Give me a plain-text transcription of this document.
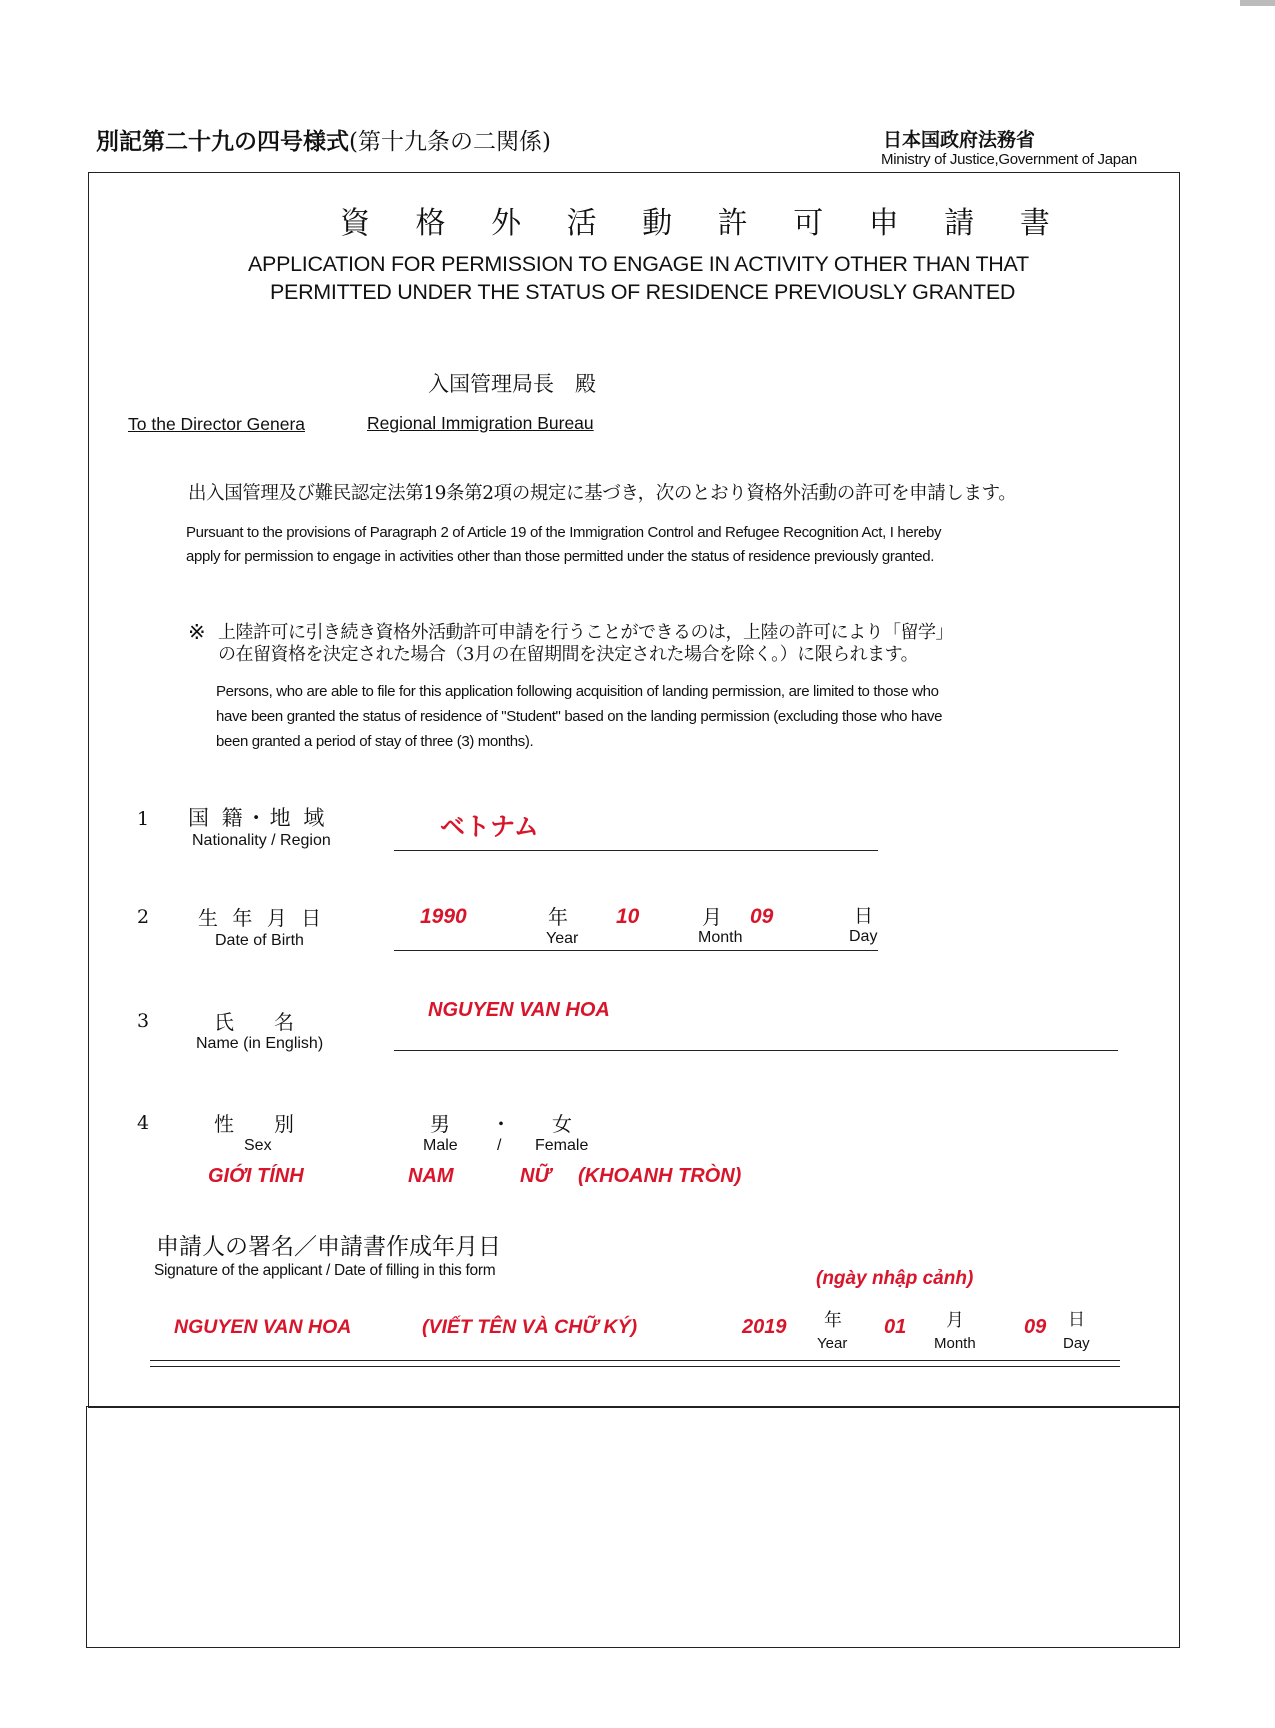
別記第二十九の四号様式(第十九条の二関係)	日本国政府法務省
Ministry of Justice,Government of Japan
資 格 外 活 動 許 可 申 請 書
APPLICATION FOR PERMISSION TO ENGAGE IN ACTIVITY OTHER THAN THAT
PERMITTED UNDER THE STATUS OF RESIDENCE PREVIOUSLY GRANTED
入国管理局長　殿
To the Director Genera	Regional Immigration Bureau
出入国管理及び難民認定法第19条第2項の規定に基づき，次のとおり資格外活動の許可を申請します。
Pursuant to the provisions of Paragraph 2 of Article 19 of the Immigration Control and Refugee Recognition Act, I hereby
apply for permission to engage in activities other than those permitted under the status of residence previously granted.
※ 上陸許可に引き続き資格外活動許可申請を行うことができるのは，上陸の許可により「留学」
の在留資格を決定された場合（3月の在留期間を決定された場合を除く。）に限られます。
Persons, who are able to file for this application following acquisition of landing permission, are limited to those who
have been granted the status of residence of "Student" based on the landing permission (excluding those who have
been granted a period of stay of three (3) months).
1 国 籍・地 域
Nationality / Region	ベトナム
2 生 年 月 日
Date of Birth
1990	年
Year
10	月
Month
09	日
Day
3	氏　　名
Name (in English)
NGUYEN VAN HOA
4	性　　別
Sex
男 ・ 女
Male / Female
GIỚI TÍNH	NAM	NỮ (KHOANH TRÒN)
申請人の署名／申請書作成年月日
Signature of the applicant / Date of filling in this form	(ngày nhập cảnh)
NGUYEN VAN HOA	(VIẾT TÊN VÀ CHỮ KÝ)	2019 年
Year
01 月
Month
09 日
Day
